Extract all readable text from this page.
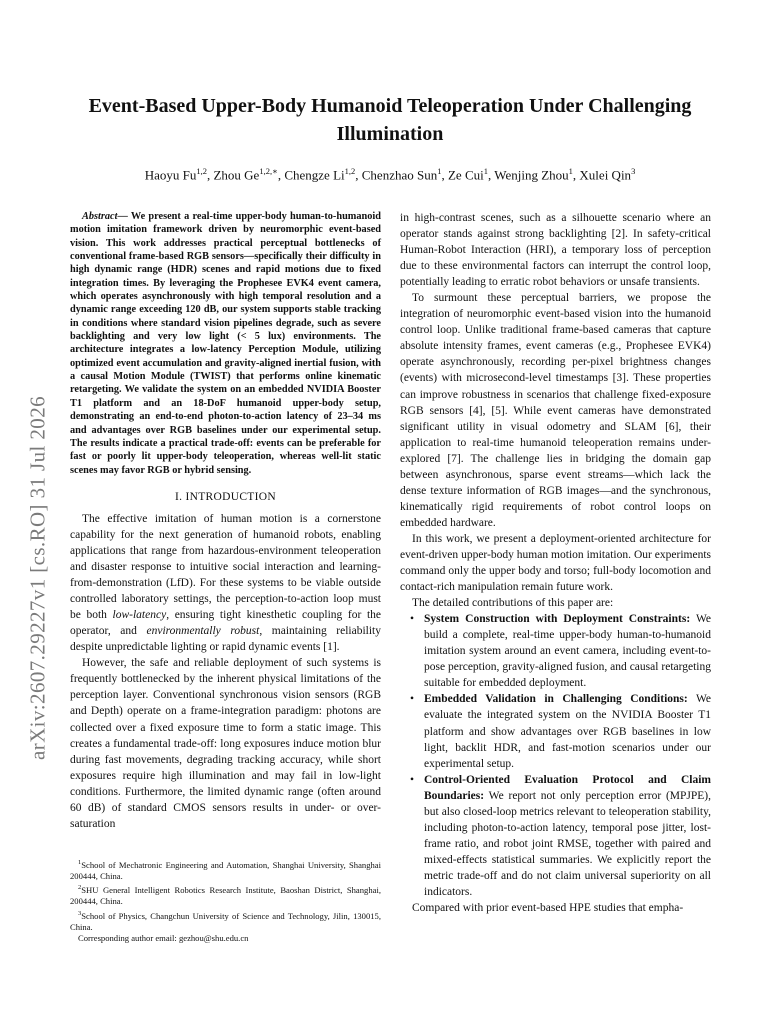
arXiv:2607.29227v1 [cs.RO] 31 Jul 2026
Event-Based Upper-Body Humanoid Teleoperation Under Challenging Illumination
Haoyu Fu$^{1,2}$, Zhou $Ge^{1,2,∗}$, Chengze Li$^{1,2}$, Chenzhao Sun$^1$, Ze Cui$^1$, Wenjing Zhou$^1$, Xulei Qin$^3$

Abstract— We present a real-time upper-body human-to-humanoid motion imitation framework driven by neuromorphic event-based vision. This work addresses practical perceptual bottlenecks of conventional frame-based RGB sensors—specifically their difficulty in high dynamic range (HDR) scenes and rapid motions due to fixed integration times. By leveraging the Prophesee EVK4 event camera, which operates asynchronously with high temporal resolution and a dynamic range exceeding 120 dB, our system supports stable tracking in conditions where standard vision pipelines degrade, such as severe backlighting and very low light (< 5 lux) environments. The architecture integrates a low-latency Perception Module, utilizing optimized event accumulation and gravity-aligned inertial fusion, with a causal Motion Module (TWIST) that performs online kinematic retargeting. We validate the system on an embedded NVIDIA Booster T1 platform and an 18-DoF humanoid upper-body setup, demonstrating an end-to-end photon-to-action latency of 23–34 ms and advantages over RGB baselines under our experimental setup. The results indicate a practical trade-off: events can be preferable for fast or poorly lit upper-body teleoperation, whereas well-lit static scenes may favor RGB or hybrid sensing.

I. INTRODUCTION

The effective imitation of human motion is a cornerstone capability for the next generation of humanoid robots, enabling applications that range from hazardous-environment teleoperation and disaster response to intuitive social interaction and learning-from-demonstration (LfD). For these systems to be viable outside controlled laboratory settings, the perception-to-action loop must be both low-latency, ensuring tight kinesthetic coupling for the operator, and environmentally robust, maintaining reliability despite unpredictable lighting or rapid dynamic events [1].

However, the safe and reliable deployment of such systems is frequently bottlenecked by the inherent physical limitations of the perception layer. Conventional synchronous vision sensors (RGB and Depth) operate on a frame-integration paradigm: photons are collected over a fixed exposure time to form a static image. This creates a fundamental trade-off: long exposures induce motion blur during fast movements, degrading tracking accuracy, while short exposures require high illumination and may fail in low-light conditions. Furthermore, the limited dynamic range (often around 60 dB) of standard CMOS sensors results in under- or over-saturation

$^1$School of Mechatronic Engineering and Automation, Shanghai University, Shanghai 200444, China.

$^2$SHU General Intelligent Robotics Research Institute, Baoshan District, Shanghai, 200444, China.

$^3$School of Physics, Changchun University of Science and Technology, Jilin, 130015, China.

Corresponding author email: gezhou@shu.edu.cn

in high-contrast scenes, such as a silhouette scenario where an operator stands against strong backlighting [2]. In safety-critical Human-Robot Interaction (HRI), a temporary loss of perception due to these environmental factors can interrupt the control loop, potentially leading to erratic robot behaviors or unsafe transients.

To surmount these perceptual barriers, we propose the integration of neuromorphic event-based vision into the humanoid control loop. Unlike traditional frame-based cameras that capture absolute intensity frames, event cameras (e.g., Prophesee EVK4) operate asynchronously, recording per-pixel brightness changes (events) with microsecond-level timestamps [3]. These properties can improve robustness in scenarios that challenge fixed-exposure RGB sensors [4], [5]. While event cameras have demonstrated significant utility in visual odometry and SLAM [6], their application to real-time humanoid teleoperation remains under-explored [7]. The challenge lies in bridging the domain gap between asynchronous, sparse event streams—which lack the dense texture information of RGB images—and the synchronous, kinematically rigid requirements of robot control loops on embedded hardware.

In this work, we present a deployment-oriented architecture for event-driven upper-body human motion imitation. Our experiments command only the upper body and torso; full-body locomotion and contact-rich manipulation remain future work.

The detailed contributions of this paper are:

• System Construction with Deployment Constraints: We build a complete, real-time upper-body human-to-humanoid imitation system around an event camera, including event-to-pose perception, gravity-aligned fusion, and causal retargeting suitable for embedded deployment.

• Embedded Validation in Challenging Conditions: We evaluate the integrated system on the NVIDIA Booster T1 platform and show advantages over RGB baselines in low light, backlit HDR, and fast-motion scenarios under our experimental setup.

• Control-Oriented Evaluation Protocol and Claim Boundaries: We report not only perception error (MPJPE), but also closed-loop metrics relevant to teleoperation stability, including photon-to-action latency, temporal pose jitter, lost-frame ratio, and robot joint RMSE, together with paired and mixed-effects statistical summaries. We explicitly report the metric trade-off and do not claim universal superiority on all indicators.

Compared with prior event-based HPE studies that empha-
